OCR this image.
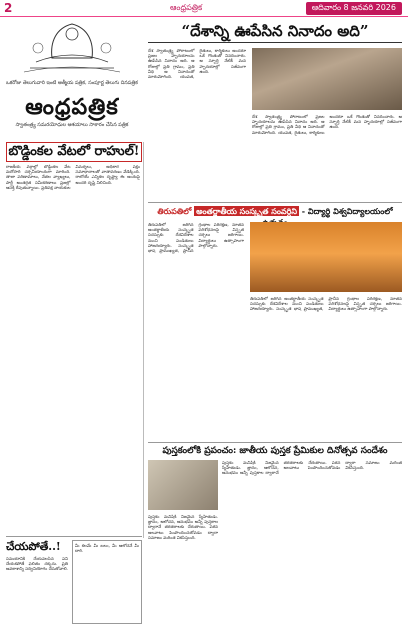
2	ఆంధ్రపత్రిక	ఆదివారం 8 జనవరి 2026
ఒకరోజు తెలుగువారి ఇంటి ఆత్మీయ పత్రిక, సంపూర్ణ తెలుగు దినపత్రిక
ఆంధ్రపత్రిక
స్వాతంత్ర్య సమరయోధుల ఆశయాలు సాకారం చేసిన పత్రిక
“దేశాన్ని ఊపేసిన నినాదం అది”
దేశ స్వాతంత్ర్య పోరాటంలో ప్రజల హృదయాలను ఊపేసిన నినాదం అది. ఆ రోజుల్లో ప్రతి గ్రామం, ప్రతి వీధి ఆ నినాదంతో మారుమోగింది. యువత, రైతులు, కార్మికులు అందరూ ఒకే గొంతుతో నినదించారు. ఆ స్ఫూర్తి నేటికీ మన హృదయాల్లో సజీవంగా ఉంది.
దేశ స్వాతంత్ర్య పోరాటంలో ప్రజల హృదయాలను ఊపేసిన నినాదం అది. ఆ రోజుల్లో ప్రతి గ్రామం, ప్రతి వీధి ఆ నినాదంతో మారుమోగింది. యువత, రైతులు, కార్మికులు అందరూ ఒకే గొంతుతో నినదించారు. ఆ స్ఫూర్తి నేటికీ మన హృదయాల్లో సజీవంగా ఉంది.
బొడ్డింకల వేటలో రాహుల్!
రాజకీయ వర్గాల్లో బొడ్డింకల వేట మరోసారి చర్చనీయాంశంగా మారింది. తాజా పరిణామాలు, నేతల వ్యాఖ్యలు, పార్టీ అంతర్గత సమీకరణాలు ప్రజల్లో ఆసక్తి రేపుతున్నాయి. ప్రతిపక్ష నాయకుల విమర్శలు, అధికార పక్షం సమాధానాలతో వాతావరణం వేడెక్కింది. రాబోయే ఎన్నికల దృష్ట్యా ఈ అంశంపై అందరి దృష్టి నిలిచింది.
తిరుపతిలో అంతర్జాతీయ సంస్కృత సంవర్ధిని - విద్యార్థి విశ్వవిద్యాలయంలో
తిరుపతిలో జరిగిన అంతర్జాతీయ సంస్కృత సదస్సుకు దేశవిదేశాల నుంచి పండితులు హాజరయ్యారు. సంస్కృత భాష ప్రాముఖ్యత, ప్రాచీన గ్రంథాల పరిరక్షణ, నూతన పరిశోధనలపై విస్తృత చర్చలు జరిగాయి. విద్యార్థులు ఉత్సాహంగా పాల్గొన్నారు.
తిరుపతిలో జరిగిన అంతర్జాతీయ సంస్కృత సదస్సుకు దేశవిదేశాల నుంచి పండితులు హాజరయ్యారు. సంస్కృత భాష ప్రాముఖ్యత, ప్రాచీన గ్రంథాల పరిరక్షణ, నూతన పరిశోధనలపై విస్తృత చర్చలు జరిగాయి. విద్యార్థులు ఉత్సాహంగా పాల్గొన్నారు.
పుస్తకంలోకి ప్రపంచం: జాతీయ పుస్తక ప్రేమికుల దినోత్సవ సందేశం
పుస్తకం మనిషికి నిజమైన స్నేహితుడు. జ్ఞానం, ఆలోచన, అనుభవం అన్నీ పుస్తకాల ద్వారానే తరతరాలకు చేరుతాయి. పఠన అలవాటు పెంపొందించుకోవడం ద్వారా సమాజం మరింత వికసిస్తుంది.
పుస్తకం మనిషికి నిజమైన స్నేహితుడు. జ్ఞానం, ఆలోచన, అనుభవం అన్నీ పుస్తకాల ద్వారానే తరతరాలకు చేరుతాయి. పఠన అలవాటు పెంపొందించుకోవడం ద్వారా సమాజం మరింత వికసిస్తుంది.
చేయపోతే..!
సమయానికి చేయవలసిన పని చేయకపోతే ఫలితం దక్కదు. ప్రతి అవకాశాన్ని సద్వినియోగం చేసుకోవాలి.
మీ కలమే మీ బలం, మీ ఆలోచనే మీ దారి.
